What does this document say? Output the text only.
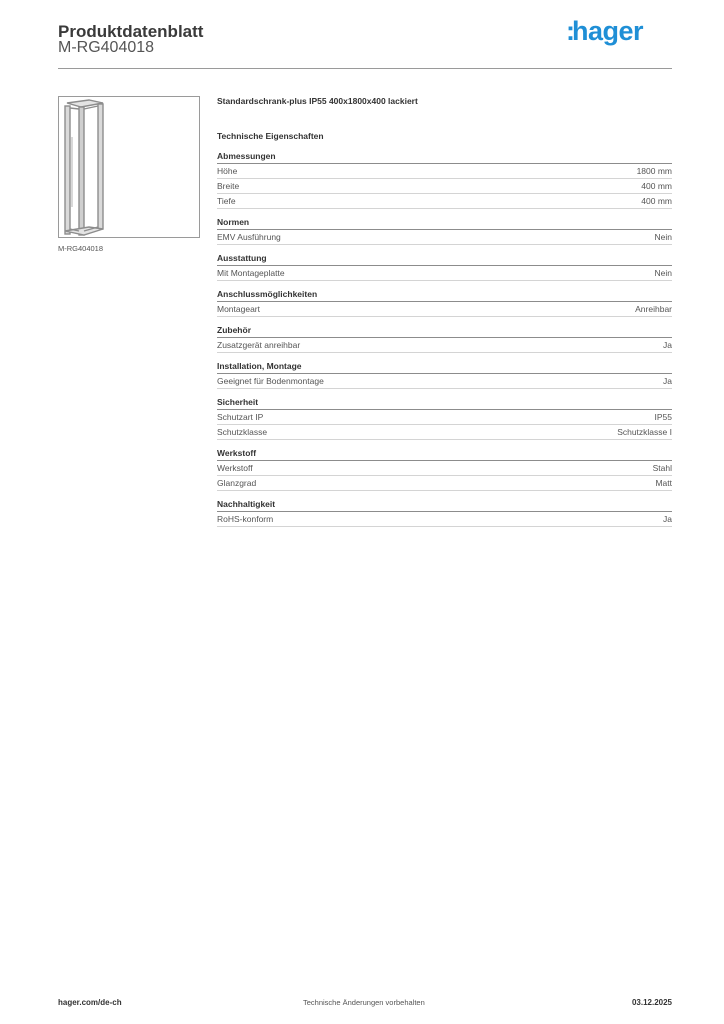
Produktdatenblatt
M-RG404018
:hager
M-RG404018
Standardschrank-plus IP55 400x1800x400 lackiert
Technische Eigenschaften
Abmessungen
Höhe	1800 mm
Breite	400 mm
Tiefe	400 mm
Normen
EMV Ausführung	Nein
Ausstattung
Mit Montageplatte	Nein
Anschlussmöglichkeiten
Montageart	Anreihbar
Zubehör
Zusatzgerät anreihbar	Ja
Installation, Montage
Geeignet für Bodenmontage	Ja
Sicherheit
Schutzart IP	IP55
Schutzklasse	Schutzklasse I
Werkstoff
Werkstoff	Stahl
Glanzgrad	Matt
Nachhaltigkeit
RoHS-konform	Ja
hager.com/de-ch	Technische Änderungen vorbehalten	03.12.2025
